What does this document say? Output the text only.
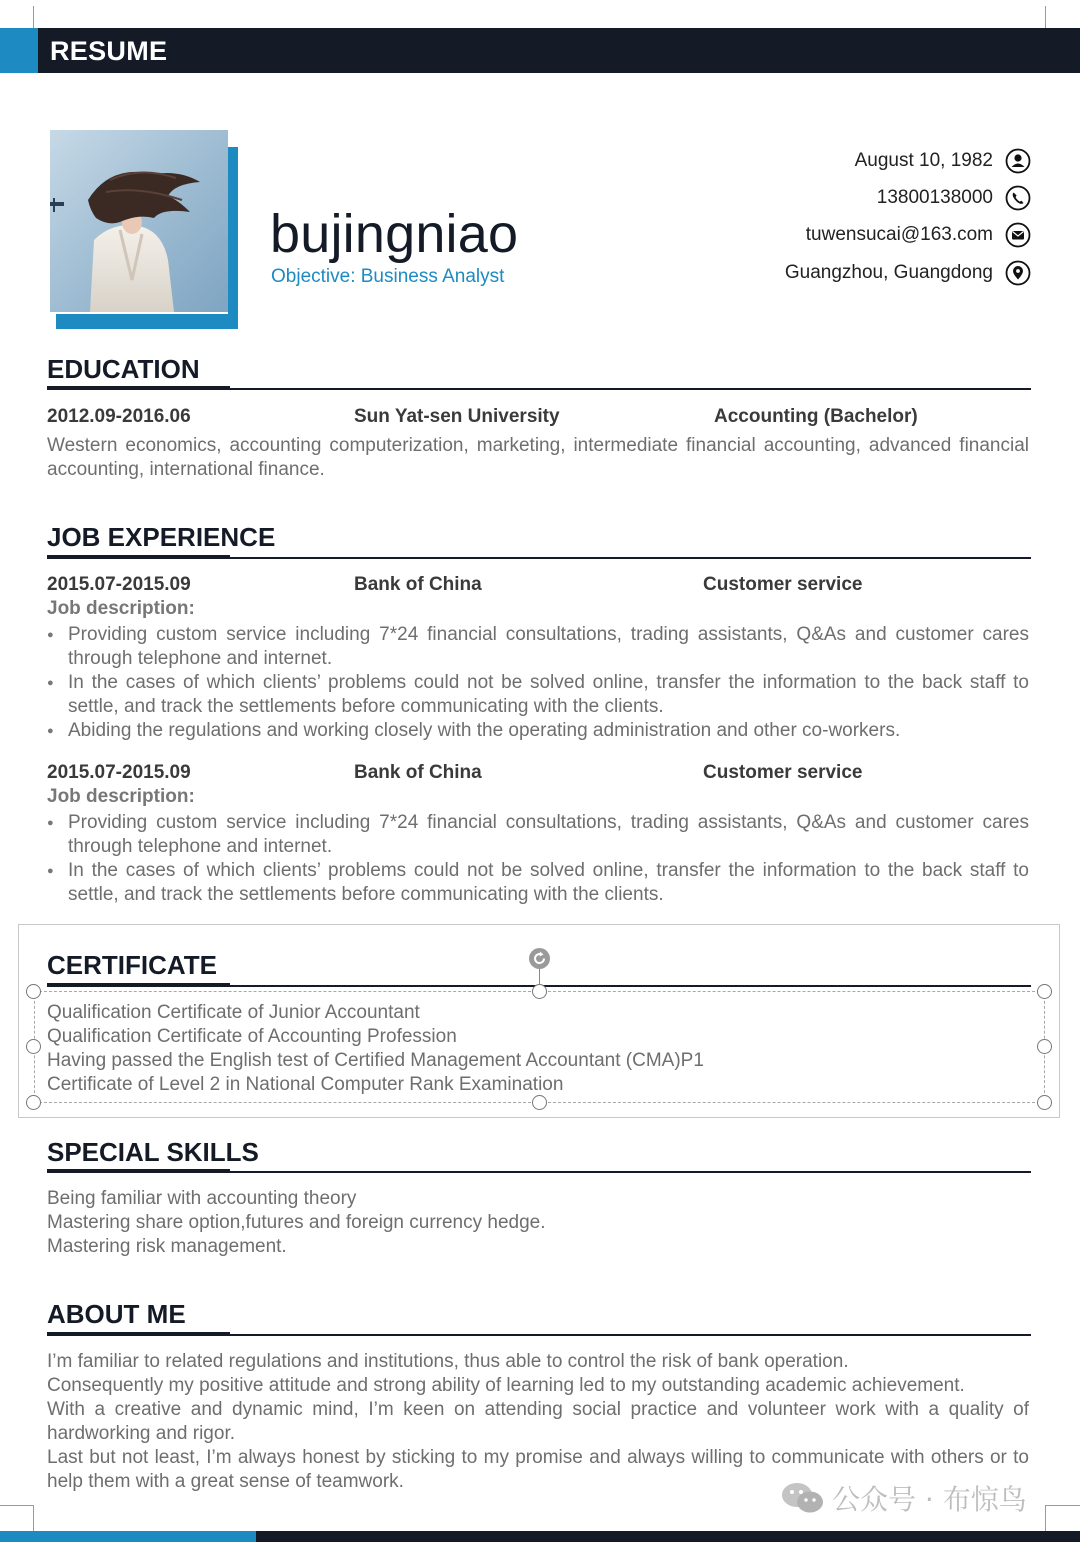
RESUME
bujingniao
Objective: Business Analyst
August 10, 1982
13800138000
tuwensucai@163.com
Guangzhou, Guangdong
EDUCATION
2012.09-2016.06	Sun Yat-sen University	Accounting (Bachelor)
Western economics, accounting computerization, marketing, intermediate financial accounting, advanced financial accounting, international finance.
JOB EXPERIENCE
2015.07-2015.09	Bank of China	Customer service
Job description:
● Providing custom service including 7*24 financial consultations, trading assistants, Q&As and customer cares through telephone and internet.
● In the cases of which clients’ problems could not be solved online, transfer the information to the back staff to settle, and track the settlements before communicating with the clients.
● Abiding the regulations and working closely with the operating administration and other co-workers.
2015.07-2015.09	Bank of China	Customer service
Job description:
● Providing custom service including 7*24 financial consultations, trading assistants, Q&As and customer cares through telephone and internet.
● In the cases of which clients’ problems could not be solved online, transfer the information to the back staff to settle, and track the settlements before communicating with the clients.
CERTIFICATE
Qualification Certificate of Junior Accountant
Qualification Certificate of Accounting Profession
Having passed the English test of Certified Management Accountant (CMA)P1
Certificate of Level 2 in National Computer Rank Examination
SPECIAL SKILLS
Being familiar with accounting theory
Mastering share option,futures and foreign currency hedge.
Mastering risk management.
ABOUT ME
I’m familiar to related regulations and institutions, thus able to control the risk of bank operation.
Consequently my positive attitude and strong ability of learning led to my outstanding academic achievement.
With a creative and dynamic mind, I’m keen on attending social practice and volunteer work with a quality of hardworking and rigor.
Last but not least, I’m always honest by sticking to my promise and always willing to communicate with others or to help them with a great sense of teamwork.
公众号 · 布惊鸟
